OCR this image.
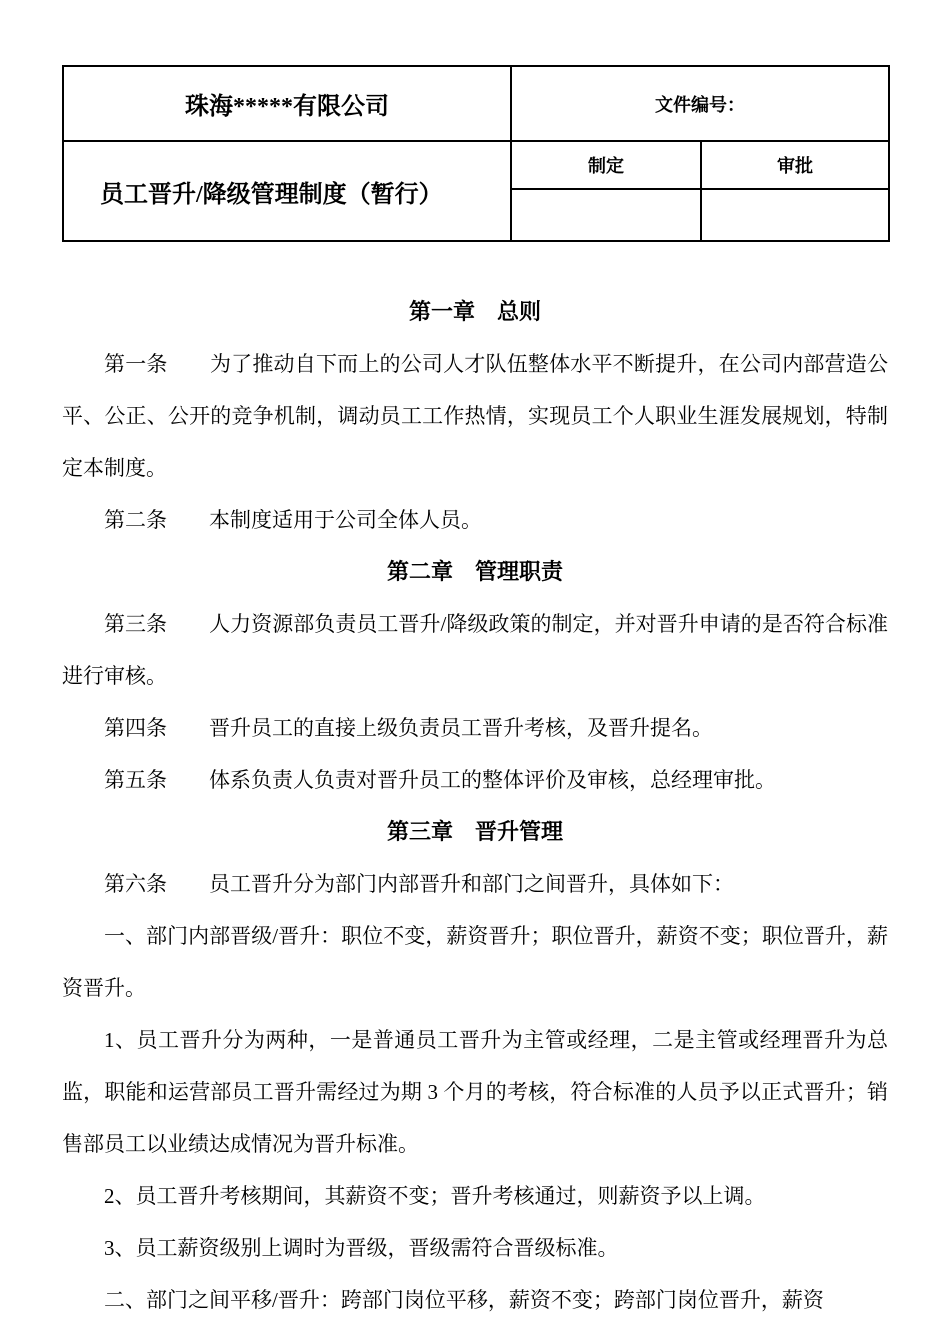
珠海*****有限公司	文件编号：	
员工晋升/降级管理制度（暂行）	制定	审批

第一章　总则

第一条　　为了推动自下而上的公司人才队伍整体水平不断提升，在公司内部营造公平、公正、公开的竞争机制，调动员工工作热情，实现员工个人职业生涯发展规划，特制定本制度。

第二条　　本制度适用于公司全体人员。

第二章　管理职责

第三条　　人力资源部负责员工晋升/降级政策的制定，并对晋升申请的是否符合标准进行审核。

第四条　　晋升员工的直接上级负责员工晋升考核，及晋升提名。

第五条　　体系负责人负责对晋升员工的整体评价及审核，总经理审批。

第三章　晋升管理

第六条　　员工晋升分为部门内部晋升和部门之间晋升，具体如下：

一、部门内部晋级/晋升：职位不变，薪资晋升；职位晋升，薪资不变；职位晋升，薪资晋升。

1、员工晋升分为两种，一是普通员工晋升为主管或经理，二是主管或经理晋升为总监，职能和运营部员工晋升需经过为期 3 个月的考核，符合标准的人员予以正式晋升；销售部员工以业绩达成情况为晋升标准。

2、员工晋升考核期间，其薪资不变；晋升考核通过，则薪资予以上调。

3、员工薪资级别上调时为晋级，晋级需符合晋级标准。

二、部门之间平移/晋升：跨部门岗位平移，薪资不变；跨部门岗位晋升，薪资
